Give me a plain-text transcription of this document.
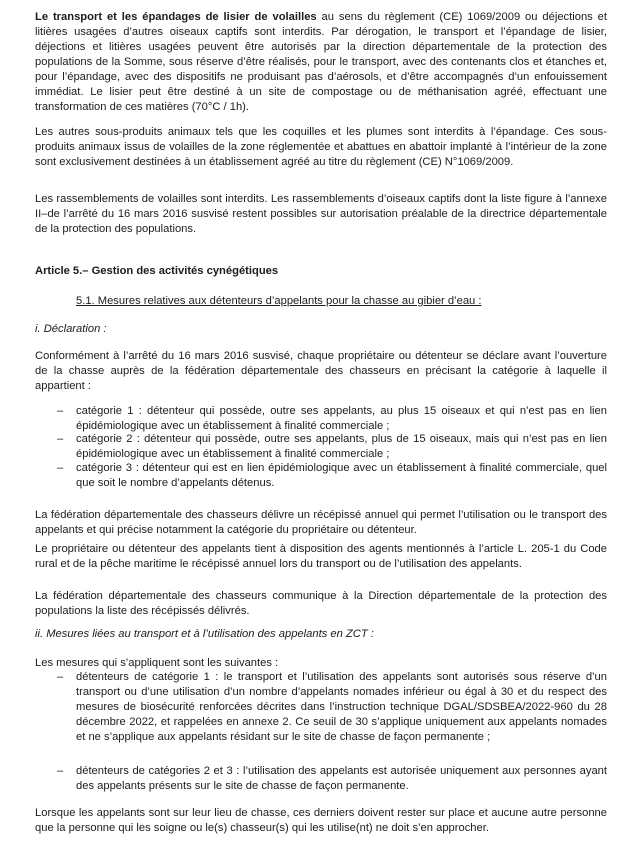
Le transport et les épandages de lisier de volailles au sens du règlement (CE) 1069/2009 ou déjections et litières usagées d’autres oiseaux captifs sont interdits. Par dérogation, le transport et l’épandage de lisier, déjections et litières usagées peuvent être autorisés par la direction départementale de la protection des populations de la Somme, sous réserve d’être réalisés, pour le transport, avec des contenants clos et étanches et, pour l’épandage, avec des dispositifs ne produisant pas d’aérosols, et d’être accompagnés d’un enfouissement immédiat. Le lisier peut être destiné à un site de compostage ou de méthanisation agréé, effectuant une transformation de ces matières (70°C / 1h).

Les autres sous-produits animaux tels que les coquilles et les plumes sont interdits à l’épandage. Ces sous-produits animaux issus de volailles de la zone réglementée et abattues en abattoir implanté à l’intérieur de la zone sont exclusivement destinées à un établissement agréé au titre du règlement (CE) N°1069/2009.

Les rassemblements de volailles sont interdits. Les rassemblements d’oiseaux captifs dont la liste figure à l’annexe II–de l’arrêté du 16 mars 2016 susvisé restent possibles sur autorisation préalable de la directrice départementale de la protection des populations.

Article 5.– Gestion des activités cynégétiques

5.1. Mesures relatives aux détenteurs d’appelants pour la chasse au gibier d’eau :

i. Déclaration :

Conformément à l’arrêté du 16 mars 2016 susvisé, chaque propriétaire ou détenteur se déclare avant l’ouverture de la chasse auprès de la fédération départementale des chasseurs en précisant la catégorie à laquelle il appartient :

– catégorie 1 : détenteur qui possède, outre ses appelants, au plus 15 oiseaux et qui n’est pas en lien épidémiologique avec un établissement à finalité commerciale ;

– catégorie 2 : détenteur qui possède, outre ses appelants, plus de 15 oiseaux, mais qui n’est pas en lien épidémiologique avec un établissement à finalité commerciale ;

– catégorie 3 : détenteur qui est en lien épidémiologique avec un établissement à finalité commerciale, quel que soit le nombre d’appelants détenus.

La fédération départementale des chasseurs délivre un récépissé annuel qui permet l’utilisation ou le transport des appelants et qui précise notamment la catégorie du propriétaire ou détenteur.

Le propriétaire ou détenteur des appelants tient à disposition des agents mentionnés à l’article L. 205-1 du Code rural et de la pêche maritime le récépissé annuel lors du transport ou de l’utilisation des appelants.

La fédération départementale des chasseurs communique à la Direction départementale de la protection des populations la liste des récépissés délivrés.

ii. Mesures liées au transport et à l’utilisation des appelants en ZCT :

Les mesures qui s’appliquent sont les suivantes :

– détenteurs de catégorie 1 : le transport et l’utilisation des appelants sont autorisés sous réserve d’un transport ou d’une utilisation d’un nombre d’appelants nomades inférieur ou égal à 30 et du respect des mesures de biosécurité renforcées décrites dans l’instruction technique DGAL/SDSBEA/2022-960 du 28 décembre 2022, et rappelées en annexe 2. Ce seuil de 30 s’applique uniquement aux appelants nomades et ne s’applique aux appelants résidant sur le site de chasse de façon permanente ;

– détenteurs de catégories 2 et 3 : l’utilisation des appelants est autorisée uniquement aux personnes ayant des appelants présents sur le site de chasse de façon permanente.

Lorsque les appelants sont sur leur lieu de chasse, ces derniers doivent rester sur place et aucune autre personne que la personne qui les soigne ou le(s) chasseur(s) qui les utilise(nt) ne doit s’en approcher.
